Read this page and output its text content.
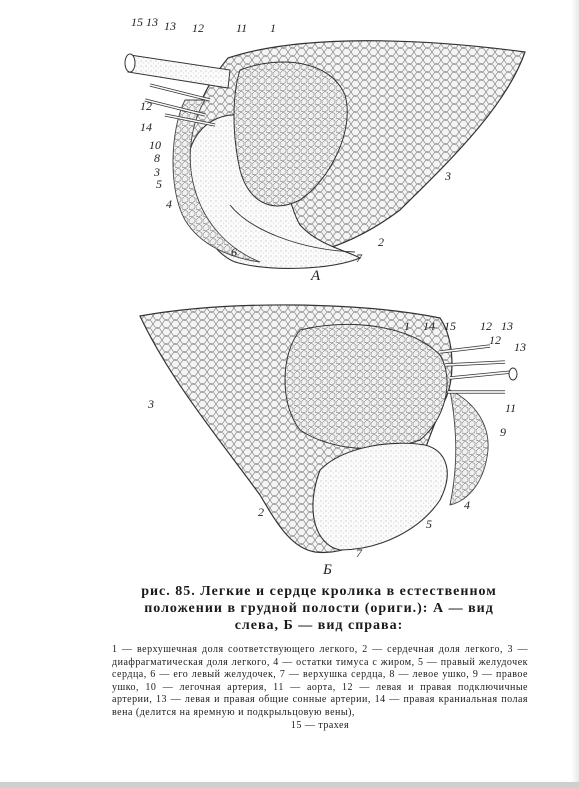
15 13 13 12	11 1
12
14
10
8
3
5
4
2
6	7
3
А
1 14 15 12 13
12 13
3	11
9
4
2
5
7
Б
рис. 85. Легкие и сердце кролика в естественном
положении в грудной полости (ориги.): А — вид
слева, Б — вид справа:
1 — верхушечная доля соответствующего легкого, 2 — сердечная доля легкого, 3 — диафрагматическая доля легкого, 4 — остатки тимуса с жиром, 5 — правый желудочек сердца, 6 — его левый желудочек, 7 — верхушка сердца, 8 — левое ушко, 9 — правое ушко, 10 — легочная артерия, 11 — аорта, 12 — левая и правая подключичные артерии, 13 — левая и правая общие сонные артерии, 14 — правая краниальная полая вена (делится на яремную и подкрыльцовую вены),
15 — трахея
